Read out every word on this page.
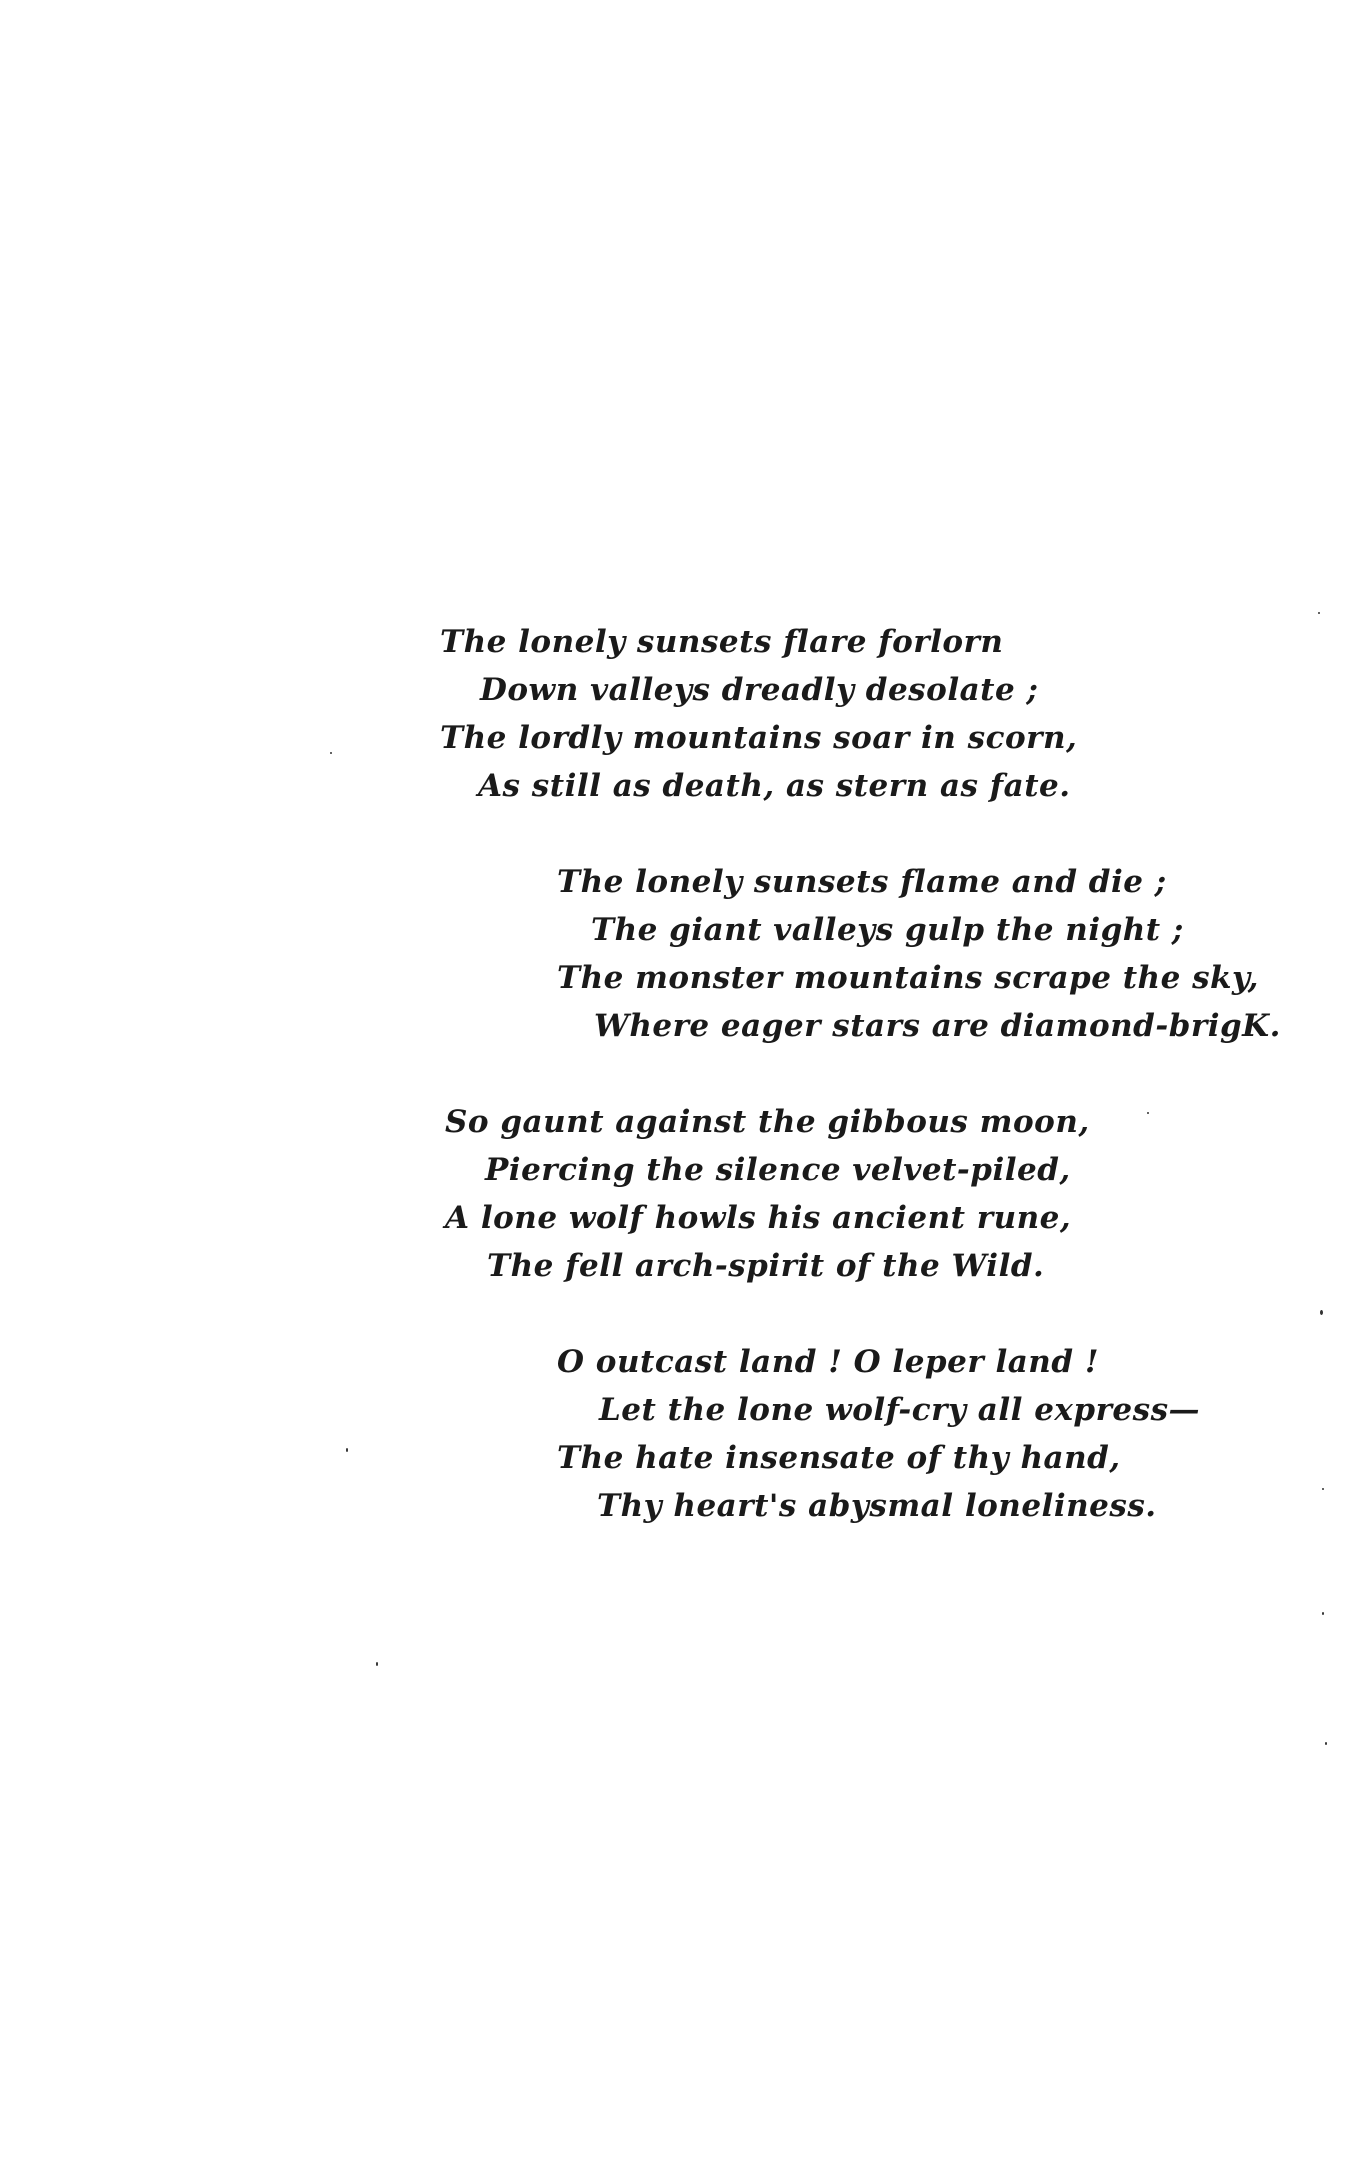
The lonely sunsets flare forlorn
Down valleys dreadly desolate ;
The lordly mountains soar in scorn,
As still as death, as stern as fate.
The lonely sunsets flame and die ;
The giant valleys gulp the night ;
The monster mountains scrape the sky,
Where eager stars are diamond-brigK.
So gaunt against the gibbous moon,
Piercing the silence velvet-piled,
A lone wolf howls his ancient rune,
The fell arch-spirit of the Wild.
O outcast land ! O leper land !
Let the lone wolf-cry all express—
The hate insensate of thy hand,
Thy heart's abysmal loneliness.
